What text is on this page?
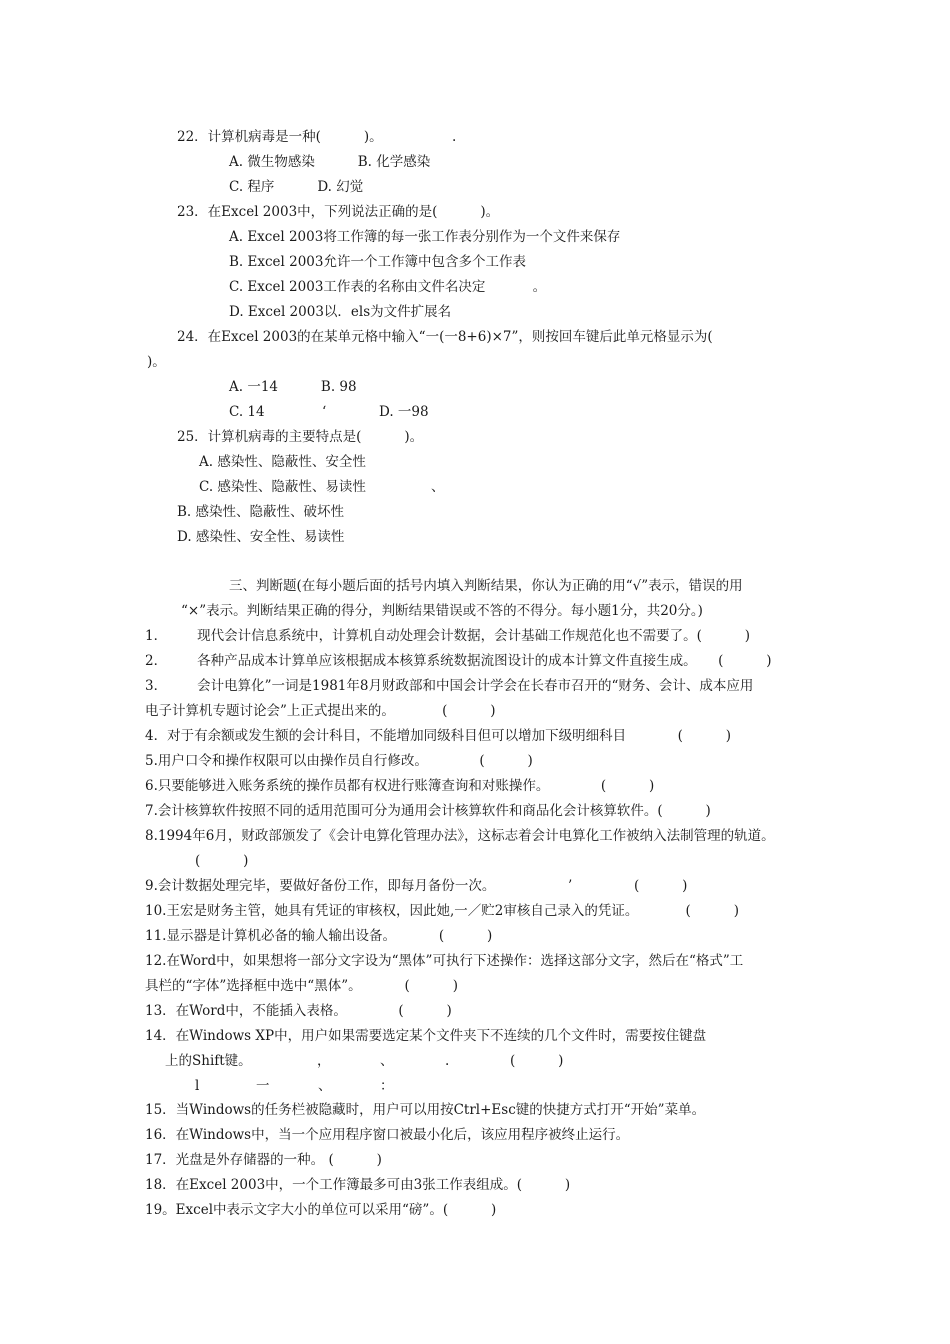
22．计算机病毒是一种(          )。	.
A. 微生物感染          B. 化学感染
C. 程序          D. 幻觉
23．在Excel 2003中，下列说法正确的是(          )。
A. Excel 2003将工作簿的每一张工作表分别作为一个文件来保存
B. Excel 2003允许一个工作簿中包含多个工作表
C. Excel 2003工作表的名称由文件名决定           。
D. Excel 2003以．els为文件扩展名
24．在Excel 2003的在某单元格中输入“一(一8+6)×7”，则按回车键后此单元格显示为(
)。
A. 一14          B. 98
C. 14	‘	D. 一98
25．计算机病毒的主要特点是(          )。
A. 感染性、隐蔽性、安全性
C. 感染性、隐蔽性、易读性	、
B. 感染性、隐蔽性、破坏性
D. 感染性、安全性、易读性
三、判断题(在每小题后面的括号内填入判断结果，你认为正确的用“√”表示，错误的用
“×”表示。判断结果正确的得分，判断结果错误或不答的不得分。每小题1分，共20分。)
1．       现代会计信息系统中，计算机自动处理会计数据，会计基础工作规范化也不需要了。(          )
2．       各种产品成本计算单应该根据成本核算系统数据流图设计的成本计算文件直接生成。     (          )
3．       会计电算化”一词是1981年8月财政部和中国会计学会在长春市召开的“财务、会计、成本应用
电子计算机专题讨论会”上正式提出来的。           (          )
4．对于有余额或发生额的会计科目，不能增加同级科目但可以增加下级明细科目            (          )
5.用户口令和操作权限可以由操作员自行修改。            (          )
6.只要能够进入账务系统的操作员都有权进行账簿查询和对账操作。            (          )
7.会计核算软件按照不同的适用范围可分为通用会计核算软件和商品化会计核算软件。(          )
8.1994年6月，财政部颁发了《会计电算化管理办法》，这标志着会计电算化工作被纳入法制管理的轨道。
(          )
9.会计数据处理完毕，要做好备份工作，即每月备份一次。	’	(          )
10.王宏是财务主管，她具有凭证的审核权，因此她,一／贮2审核自己录入的凭证。           (          )
11.显示器是计算机必备的输人输出设备。          (          )
12.在Word中，如果想将一部分文字设为“黑体”可执行下述操作：选择这部分文字，然后在“格式”工
具栏的“字体”选择框中选中“黑体”。          (          )
13．在Word中，不能插入表格。            (          )
14．在Windows XP中，用户如果需要选定某个文件夹下不连续的几个文件时，需要按住键盘
上的Shift键。	，	、	.	(          )
l	一	、	：
15．当Windows的任务栏被隐藏时，用户可以用按Ctrl+Esc键的快捷方式打开“开始”菜单。
16．在Windows中，当一个应用程序窗口被最小化后，该应用程序被终止运行。
17．光盘是外存储器的一种。 (          )
18．在Excel 2003中，一个工作簿最多可由3张工作表组成。(          )
19。Excel中表示文字大小的单位可以采用“磅”。(          )
